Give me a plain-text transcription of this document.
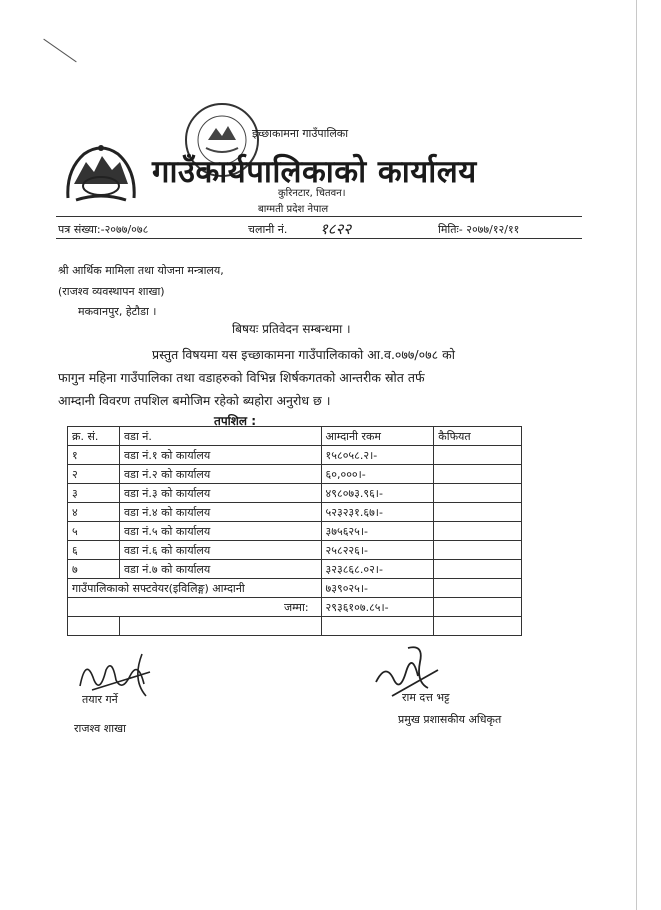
इच्छाकामना गाउँपालिका
गाउँकार्यपालिकाको कार्यालय
कुरिनटार, चितवन।
बाग्मती प्रदेश नेपाल
पत्र संख्या:-२०७७/०७८	चलानी नं. १८२२	मितिः- २०७७/१२/११
श्री आर्थिक मामिला तथा योजना मन्त्रालय,
(राजश्व व्यवस्थापन शाखा)
मकवानपुर, हेटौडा ।
बिषयः प्रतिवेदन सम्बन्धमा ।
प्रस्तुत विषयमा यस इच्छाकामना गाउँपालिकाको आ.व.०७७/०७८ को
फागुन महिना गाउँपालिका तथा वडाहरुको विभिन्न शिर्षकगतको आन्तरीक स्रोत तर्फ
आम्दानी विवरण तपशिल बमोजिम रहेको ब्यहोरा अनुरोध छ ।
तपशिल :
क्र. सं.	वडा नं.	आम्दानी रकम	कैफियत
१	वडा नं.१ को कार्यालय	१५८०५८.२।-	
२	वडा नं.२ को कार्यालय	६०,०००।-	
३	वडा नं.३ को कार्यालय	४९८०७३.९६।-	
४	वडा नं.४ को कार्यालय	५२३२३१.६७।-	
५	वडा नं.५ को कार्यालय	३७५६२५।-	
६	वडा नं.६ को कार्यालय	२५८२२६।-	
७	वडा नं.७ को कार्यालय	३२३८६८.०२।-	
गाउँपालिकाको सफ्टवेयर(इविलिङ्ग) आम्दानी		७३९०२५।-	
जम्मा:		२९३६१०७.८५।-	

तयार गर्ने
राजश्व शाखा
राम दत्त भट्ट
प्रमुख प्रशासकीय अधिकृत
